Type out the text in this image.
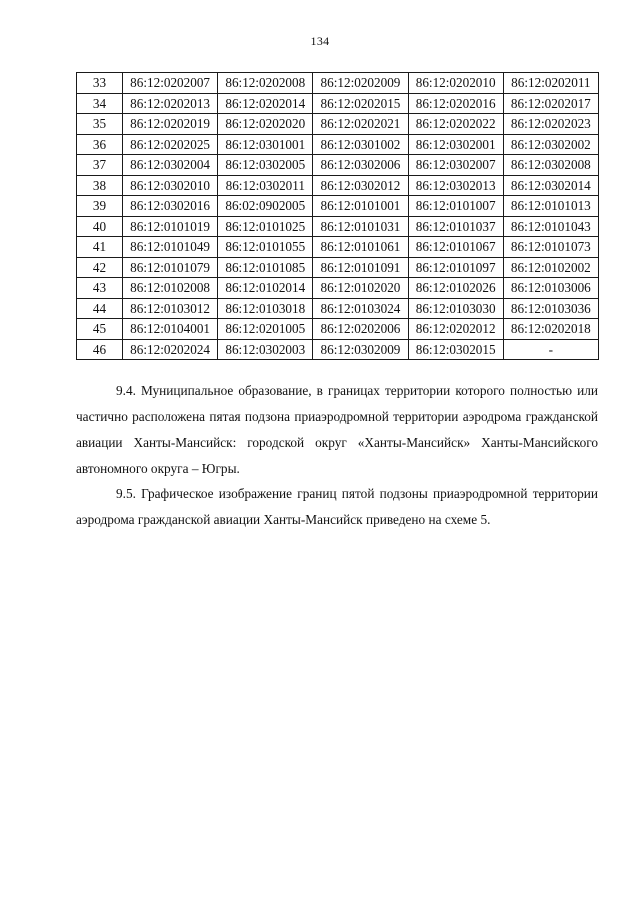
134
33	86:12:0202007	86:12:0202008	86:12:0202009	86:12:0202010	86:12:0202011
34	86:12:0202013	86:12:0202014	86:12:0202015	86:12:0202016	86:12:0202017
35	86:12:0202019	86:12:0202020	86:12:0202021	86:12:0202022	86:12:0202023
36	86:12:0202025	86:12:0301001	86:12:0301002	86:12:0302001	86:12:0302002
37	86:12:0302004	86:12:0302005	86:12:0302006	86:12:0302007	86:12:0302008
38	86:12:0302010	86:12:0302011	86:12:0302012	86:12:0302013	86:12:0302014
39	86:12:0302016	86:02:0902005	86:12:0101001	86:12:0101007	86:12:0101013
40	86:12:0101019	86:12:0101025	86:12:0101031	86:12:0101037	86:12:0101043
41	86:12:0101049	86:12:0101055	86:12:0101061	86:12:0101067	86:12:0101073
42	86:12:0101079	86:12:0101085	86:12:0101091	86:12:0101097	86:12:0102002
43	86:12:0102008	86:12:0102014	86:12:0102020	86:12:0102026	86:12:0103006
44	86:12:0103012	86:12:0103018	86:12:0103024	86:12:0103030	86:12:0103036
45	86:12:0104001	86:12:0201005	86:12:0202006	86:12:0202012	86:12:0202018
46	86:12:0202024	86:12:0302003	86:12:0302009	86:12:0302015	-

9.4. Муниципальное образование, в границах территории которого полностью или частично расположена пятая подзона приаэродромной территории аэродрома гражданской авиации Ханты-Мансийск: городской округ «Ханты-Мансийск» Ханты-Мансийского автономного округа – Югры.

9.5. Графическое изображение границ пятой подзоны приаэродромной территории аэродрома гражданской авиации Ханты-Мансийск приведено на схеме 5.
